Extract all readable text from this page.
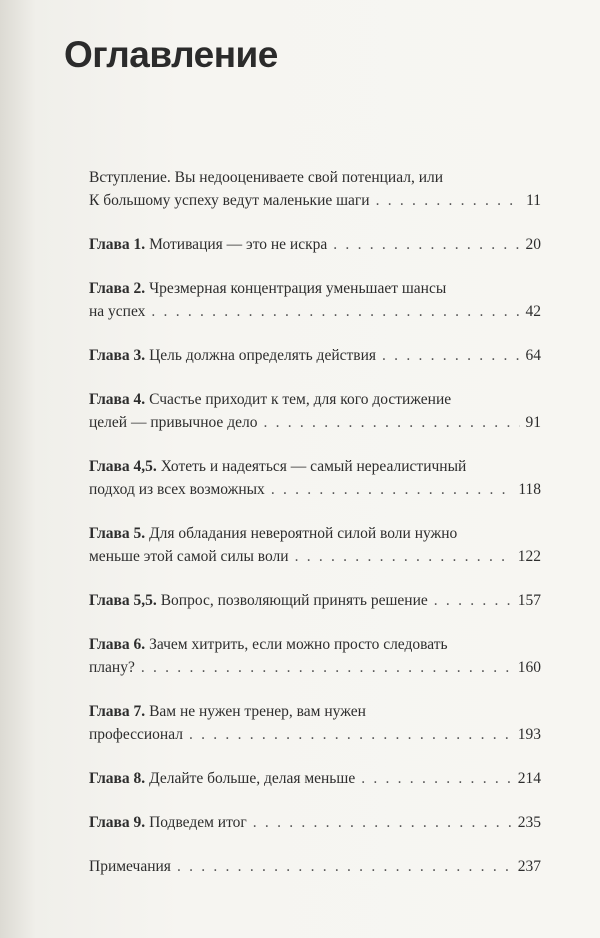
Оглавление
Вступление. Вы недооцениваете свой потенциал, или
К большому успеху ведут маленькие шаги . . .	11
Глава 1. Мотивация — это не искра . . .	20
Глава 2. Чрезмерная концентрация уменьшает шансы
на успех . . .	42
Глава 3. Цель должна определять действия . . .	64
Глава 4. Счастье приходит к тем, для кого достижение
целей — привычное дело . . .	91
Глава 4,5. Хотеть и надеяться — самый нереалистичный
подход из всех возможных . . .	118
Глава 5. Для обладания невероятной силой воли нужно
меньше этой самой силы воли . . .	122
Глава 5,5. Вопрос, позволяющий принять решение . . .	157
Глава 6. Зачем хитрить, если можно просто следовать
плану? . . .	160
Глава 7. Вам не нужен тренер, вам нужен
профессионал . . .	193
Глава 8. Делайте больше, делая меньше . . .	214
Глава 9. Подведем итог . . .	235
Примечания . . .	237
